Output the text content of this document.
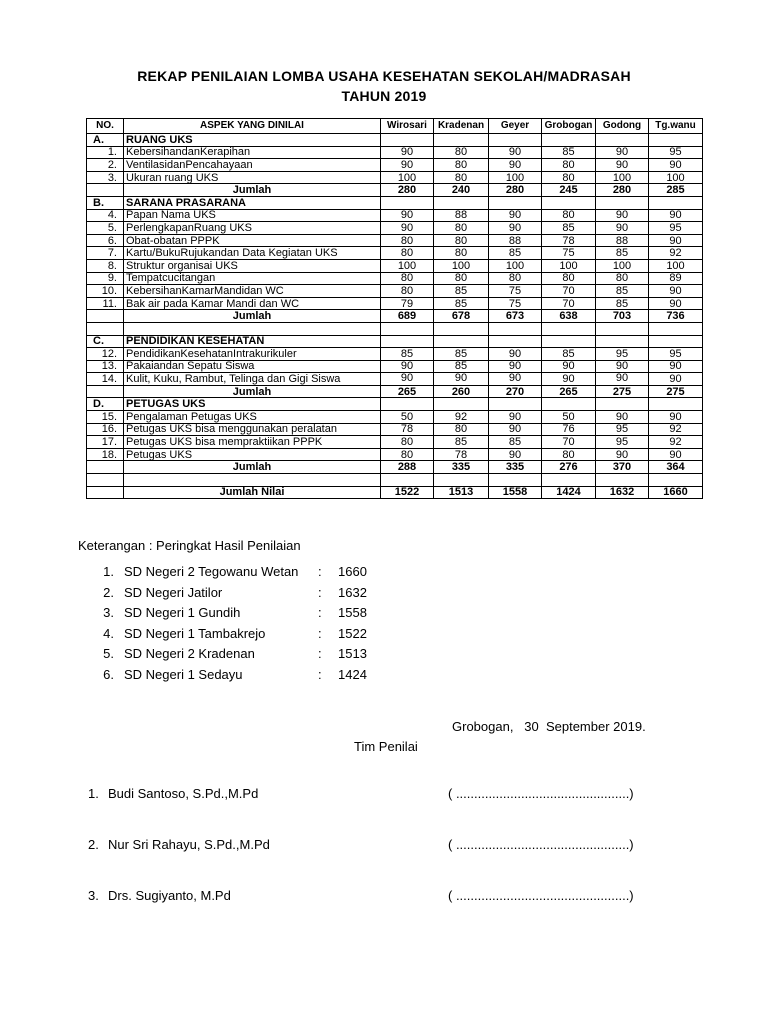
REKAP PENILAIAN LOMBA USAHA KESEHATAN SEKOLAH/MADRASAH
TAHUN 2019
NO.	ASPEK YANG DINILAI	Wirosari	Kradenan	Geyer	Grobogan	Godong	Tg.wanu
A.	RUANG UKS						
1.	KebersihandanKerapihan	90	80	90	85	90	95
2.	VentilasidanPencahayaan	90	80	90	80	90	90
3.	Ukuran ruang UKS	100	80	100	80	100	100
	Jumlah	280	240	280	245	280	285
B.	SARANA PRASARANA						
4.	Papan Nama UKS	90	88	90	80	90	90
5.	PerlengkapanRuang UKS	90	80	90	85	90	95
6.	Obat-obatan PPPK	80	80	88	78	88	90
7.	Kartu/BukuRujukandan Data Kegiatan UKS	80	80	85	75	85	92
8.	Struktur organisai UKS	100	100	100	100	100	100
9.	Tempatcucitangan	80	80	80	80	80	89
10.	KebersihanKamarMandidan WC	80	85	75	70	85	90
11.	Bak air pada Kamar Mandi dan WC	79	85	75	70	85	90
	Jumlah	689	678	673	638	703	736

C.	PENDIDIKAN KESEHATAN						
12.	PendidikanKesehatanIntrakurikuler	85	85	90	85	95	95
13.	Pakaiandan Sepatu Siswa	90	85	90	90	90	90
14.	Kulit, Kuku, Rambut, Telinga dan Gigi Siswa	90	90	90	90	90	90
	Jumlah	265	260	270	265	275	275
D.	PETUGAS UKS						
15.	Pengalaman Petugas UKS	50	92	90	50	90	90
16.	Petugas UKS bisa menggunakan peralatan	78	80	90	76	95	92
17.	Petugas UKS bisa mempraktiikan PPPK	80	85	85	70	95	92
18.	Petugas UKS	80	78	90	80	90	90
	Jumlah	288	335	335	276	370	364

	Jumlah Nilai	1522	1513	1558	1424	1632	1660
Keterangan : Peringkat Hasil Penilaian
1. SD Negeri 2 Tegowanu Wetan : 1660
2. SD Negeri Jatilor	: 1632
3. SD Negeri 1 Gundih	: 1558
4. SD Negeri 1 Tambakrejo	: 1522
5. SD Negeri 2 Kradenan	: 1513
6. SD Negeri 1 Sedayu	: 1424
Grobogan,   30  September 2019.
Tim Penilai
1. Budi Santoso, S.Pd.,M.Pd	( ................................................)
2. Nur Sri Rahayu, S.Pd.,M.Pd	( ................................................)
3. Drs. Sugiyanto, M.Pd	( ................................................)
